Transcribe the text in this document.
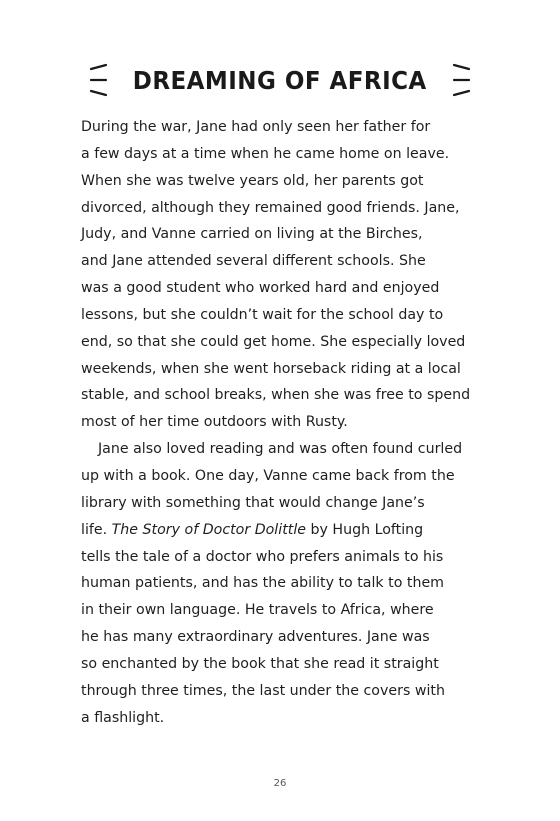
DREAMING OF AFRICA
During the war, Jane had only seen her father for
a few days at a time when he came home on leave.
When she was twelve years old, her parents got
divorced, although they remained good friends. Jane,
Judy, and Vanne carried on living at the Birches,
and Jane attended several different schools. She
was a good student who worked hard and enjoyed
lessons, but she couldn’t wait for the school day to
end, so that she could get home. She especially loved
weekends, when she went horseback riding at a local
stable, and school breaks, when she was free to spend
most of her time outdoors with Rusty.
Jane also loved reading and was often found curled
up with a book. One day, Vanne came back from the
library with something that would change Jane’s
life. The Story of Doctor Dolittle by Hugh Lofting
tells the tale of a doctor who prefers animals to his
human patients, and has the ability to talk to them
in their own language. He travels to Africa, where
he has many extraordinary adventures. Jane was
so enchanted by the book that she read it straight
through three times, the last under the covers with
a flashlight.
26
